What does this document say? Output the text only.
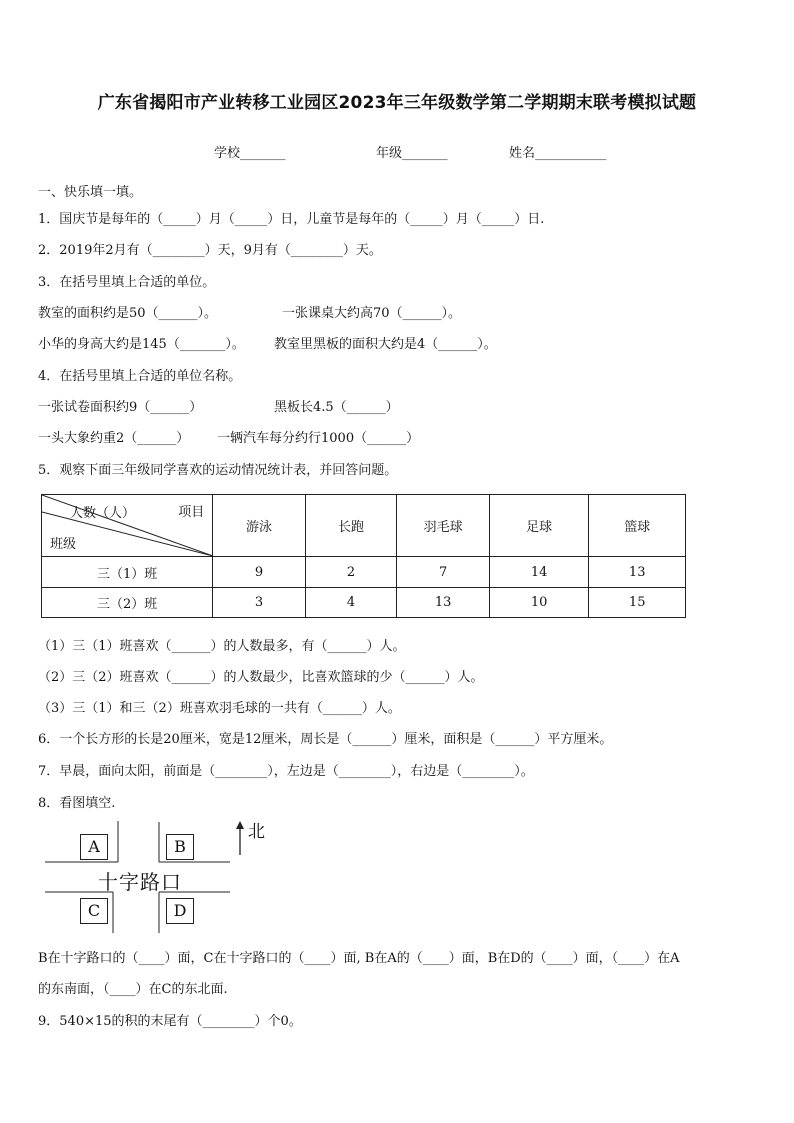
广东省揭阳市产业转移工业园区2023年三年级数学第二学期期末联考模拟试题
学校_______	年级_______	姓名___________
一、快乐填一填。
1．国庆节是每年的（_____）月（_____）日，儿童节是每年的（_____）月（_____）日.
2．2019年2月有（________）天，9月有（________）天。
3．在括号里填上合适的单位。
教室的面积约是50（______）。	一张课桌大约高70（______）。
小华的身高大约是145（_______）。 教室里黑板的面积大约是4（______）。
4．在括号里填上合适的单位名称。
一张试卷面积约9（______）	黑板长4.5（______）
一头大象约重2（______） 一辆汽车每分约行1000（______）
5．观察下面三年级同学喜欢的运动情况统计表，并回答问题。
人数（人） 项目
班级	游泳	长跑	羽毛球	足球	篮球
三（1）班	9	2	7	14	13
三（2）班	3	4	13	10	15
（1）三（1）班喜欢（______）的人数最多，有（______）人。
（2）三（2）班喜欢（______）的人数最少，比喜欢篮球的少（______）人。
（3）三（1）和三（2）班喜欢羽毛球的一共有（______）人。
6．一个长方形的长是20厘米，宽是12厘米，周长是（______）厘米，面积是（______）平方厘米。
7．早晨，面向太阳，前面是（________），左边是（________），右边是（________）。
8．看图填空.
A	B
C	D
十字路口
北
B在十字路口的（____）面，C在十字路口的（____）面, B在A的（____）面，B在D的（____）面，（____）在A
的东南面，（____）在C的东北面.
9．540×15的积的末尾有（________）个0。
